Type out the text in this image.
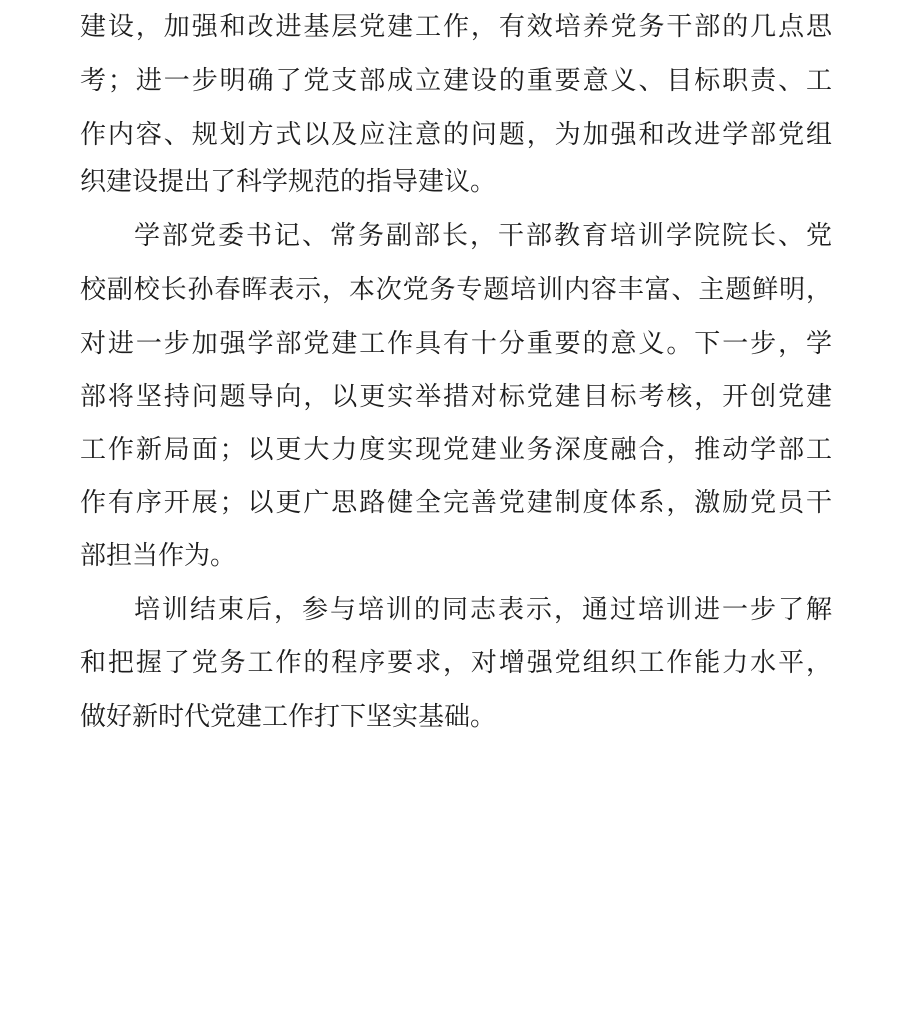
建设，加强和改进基层党建工作，有效培养党务干部的几点思
考；进一步明确了党支部成立建设的重要意义、目标职责、工
作内容、规划方式以及应注意的问题，为加强和改进学部党组
织建设提出了科学规范的指导建议。
学部党委书记、常务副部长，干部教育培训学院院长、党
校副校长孙春晖表示，本次党务专题培训内容丰富、主题鲜明，
对进一步加强学部党建工作具有十分重要的意义。下一步，学
部将坚持问题导向，以更实举措对标党建目标考核，开创党建
工作新局面；以更大力度实现党建业务深度融合，推动学部工
作有序开展；以更广思路健全完善党建制度体系，激励党员干
部担当作为。
培训结束后，参与培训的同志表示，通过培训进一步了解
和把握了党务工作的程序要求，对增强党组织工作能力水平，
做好新时代党建工作打下坚实基础。
